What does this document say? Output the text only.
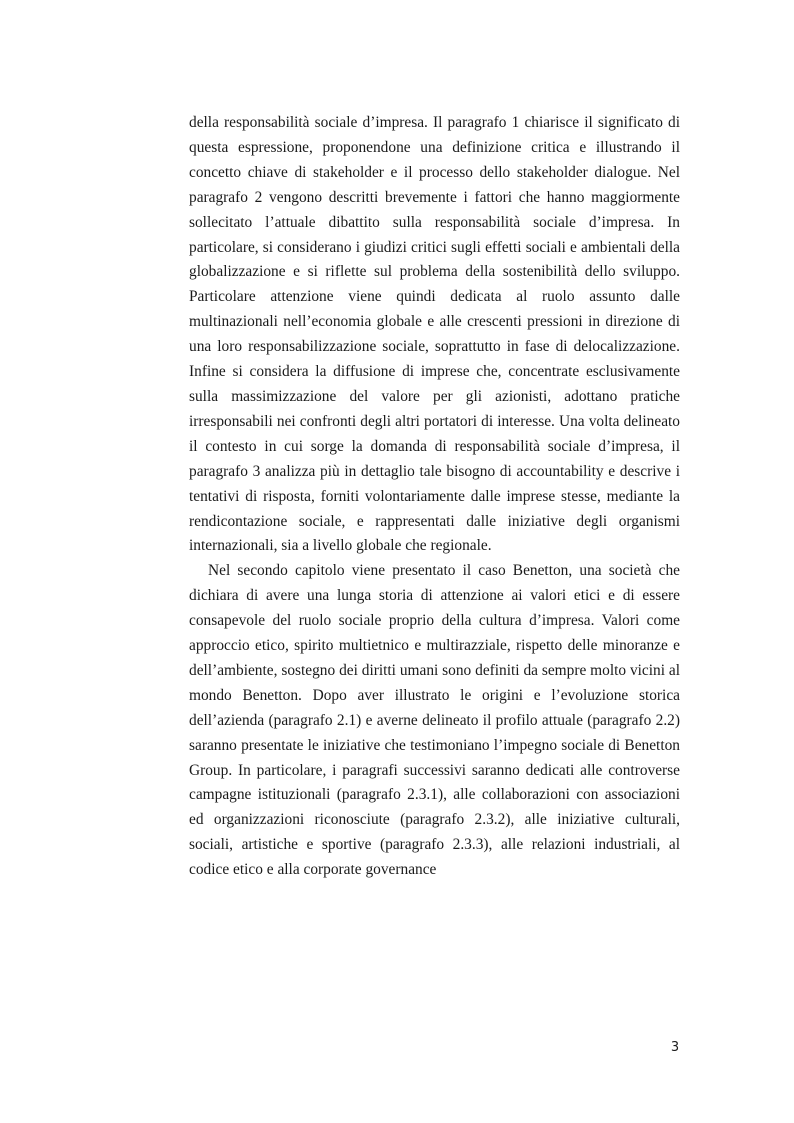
della responsabilità sociale d’impresa. Il paragrafo 1 chiarisce il significato di questa espressione, proponendone una definizione critica e illustrando il concetto chiave di stakeholder e il processo dello stakeholder dialogue. Nel paragrafo 2 vengono descritti brevemente i fattori che hanno maggiormente sollecitato l’attuale dibattito sulla responsabilità sociale d’impresa. In particolare, si considerano i giudizi critici sugli effetti sociali e ambientali della globalizzazione e si riflette sul problema della sostenibilità dello sviluppo. Particolare attenzione viene quindi dedicata al ruolo assunto dalle multinazionali nell’economia globale e alle crescenti pressioni in direzione di una loro responsabilizzazione sociale, soprattutto in fase di delocalizzazione. Infine si considera la diffusione di imprese che, concentrate esclusivamente sulla massimizzazione del valore per gli azionisti, adottano pratiche irresponsabili nei confronti degli altri portatori di interesse. Una volta delineato il contesto in cui sorge la domanda di responsabilità sociale d’impresa, il paragrafo 3 analizza più in dettaglio tale bisogno di accountability e descrive i tentativi di risposta, forniti volontariamente dalle imprese stesse, mediante la rendicontazione sociale, e rappresentati dalle iniziative degli organismi internazionali, sia a livello globale che regionale.

Nel secondo capitolo viene presentato il caso Benetton, una società che dichiara di avere una lunga storia di attenzione ai valori etici e di essere consapevole del ruolo sociale proprio della cultura d’impresa. Valori come approccio etico, spirito multietnico e multirazziale, rispetto delle minoranze e dell’ambiente, sostegno dei diritti umani sono definiti da sempre molto vicini al mondo Benetton. Dopo aver illustrato le origini e l’evoluzione storica dell’azienda (paragrafo 2.1) e averne delineato il profilo attuale (paragrafo 2.2) saranno presentate le iniziative che testimoniano l’impegno sociale di Benetton Group. In particolare, i paragrafi successivi saranno dedicati alle controverse campagne istituzionali (paragrafo 2.3.1), alle collaborazioni con associazioni ed organizzazioni riconosciute (paragrafo 2.3.2), alle iniziative culturali, sociali, artistiche e sportive (paragrafo 2.3.3), alle relazioni industriali, al codice etico e alla corporate governance

3
